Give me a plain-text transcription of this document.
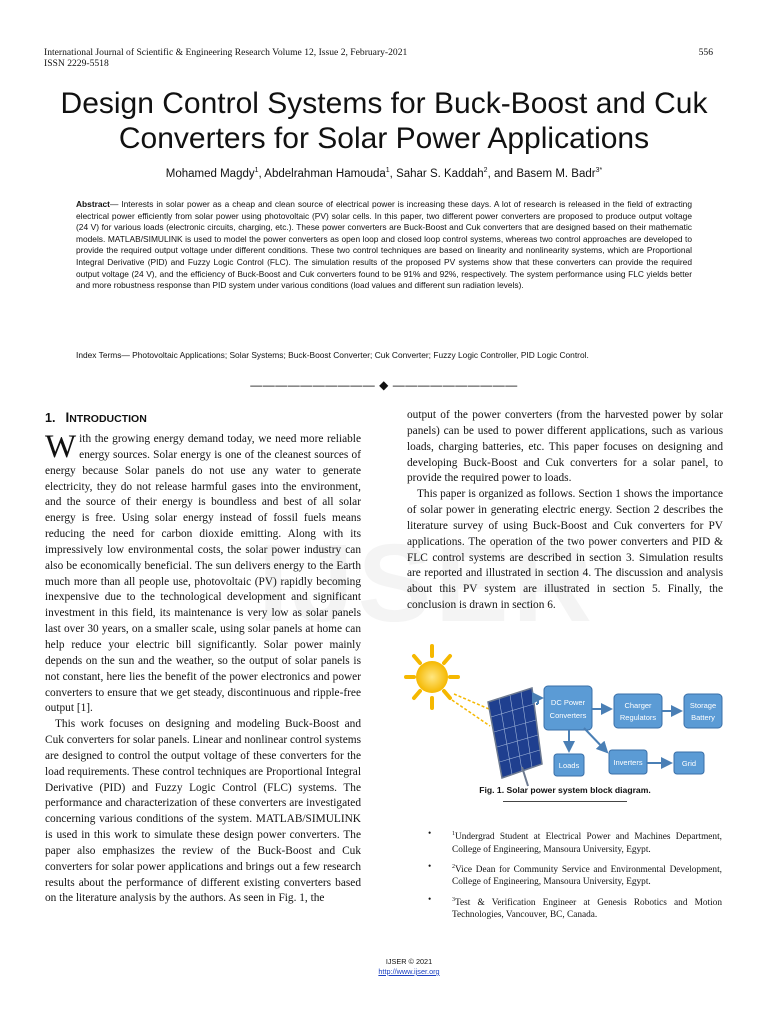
International Journal of Scientific & Engineering Research Volume 12, Issue 2, February-2021
ISSN 2229-5518
556
Design Control Systems for Buck-Boost and Cuk Converters for Solar Power Applications
Mohamed Magdy$^1$, Abdelrahman Hamouda$^1$, Sahar S. Kaddah$^2$, and Basem M. Badr$^{3*}$
Abstract— Interests in solar power as a cheap and clean source of electrical power is increasing these days. A lot of research is released in the field of extracting electrical power efficiently from solar power using photovoltaic (PV) solar cells. In this paper, two different power converters are proposed to produce output voltage (24 V) for various loads (electronic circuits, charging, etc.). These power converters are Buck-Boost and Cuk converters that are designed based on their mathematic models. MATLAB/SIMULINK is used to model the power converters as open loop and closed loop control systems, whereas two control approaches are developed to provide the required output voltage under different conditions. These two control techniques are based on linearity and nonlinearity systems, which are Proportional Integral Derivative (PID) and Fuzzy Logic Control (FLC). The simulation results of the proposed PV systems show that these converters can provide the required output voltage (24 V), and the efficiency of Buck-Boost and Cuk converters found to be 91% and 92%, respectively. The system performance using FLC yields better and more robustness response than PID system under various conditions (load values and different sun radiation levels).
Index Terms— Photovoltaic Applications; Solar Systems; Buck-Boost Converter; Cuk Converter; Fuzzy Logic Controller, PID Logic Control.
—————————— ◆ ——————————
1. INTRODUCTION

With the growing energy demand today, we need more reliable energy sources. Solar energy is one of the cleanest sources of energy because Solar panels do not use any water to generate electricity, they do not release harmful gases into the environment, and the source of their energy is boundless and best of all solar energy is free. Using solar energy instead of fossil fuels means reducing the need for carbon dioxide emitting. Along with its impressively low environmental costs, the solar power industry can also be economically beneficial. The sun delivers energy to the Earth much more than all people use, photovoltaic (PV) rapidly becoming inexpensive due to the technological development and significant investment in this field, its maintenance is very low as solar panels last over 30 years, on a smaller scale, using solar panels at home can help reduce your electric bill significantly. Solar power mainly depends on the sun and the weather, so the output of solar panels is not constant, here lies the benefit of the power electronics and power converters to ensure that we get steady, discontinuous and ripple-free output [1].

This work focuses on designing and modeling Buck-Boost and Cuk converters for solar panels. Linear and nonlinear control systems are designed to control the output voltage of these converters for the load requirements. These control techniques are Proportional Integral Derivative (PID) and Fuzzy Logic Control (FLC) systems. The performance and characterization of these converters are investigated concerning various conditions of the system. MATLAB/SIMULINK is used in this work to simulate these design power converters. The paper also emphasizes the review of the Buck-Boost and Cuk converters for solar power applications and brings out a few research results about the performance of different existing converters based on the literature analysis by the authors. As seen in Fig. 1, the

output of the power converters (from the harvested power by solar panels) can be used to power different applications, such as various loads, charging batteries, etc. This paper focuses on designing and developing Buck-Boost and Cuk converters for a solar panel, to provide the required power to loads.

This paper is organized as follows. Section 1 shows the importance of solar power in generating electric energy. Section 2 describes the literature survey of using Buck-Boost and Cuk converters for PV applications. The operation of the two power converters and PID & FLC control systems are described in section 3. Simulation results are reported and illustrated in section 4. The discussion and analysis about this PV system are illustrated in section 5. Finally, the conclusion is drawn in section 6.

DC Power
Converters
Charger
Regulators
Storage
Battery
Loads	Inverters	Grid
Fig. 1. Solar power system block diagram.
•	$^1$Undergrad Student at Electrical Power and Machines Department, College of Engineering, Mansoura University, Egypt.
•	$^2$Vice Dean for Community Service and Environmental Development, College of Engineering, Mansoura University, Egypt.
•	$^3$Test & Verification Engineer at Genesis Robotics and Motion Technologies, Vancouver, BC, Canada.
IJSER © 2021
http://www.ijser.org
